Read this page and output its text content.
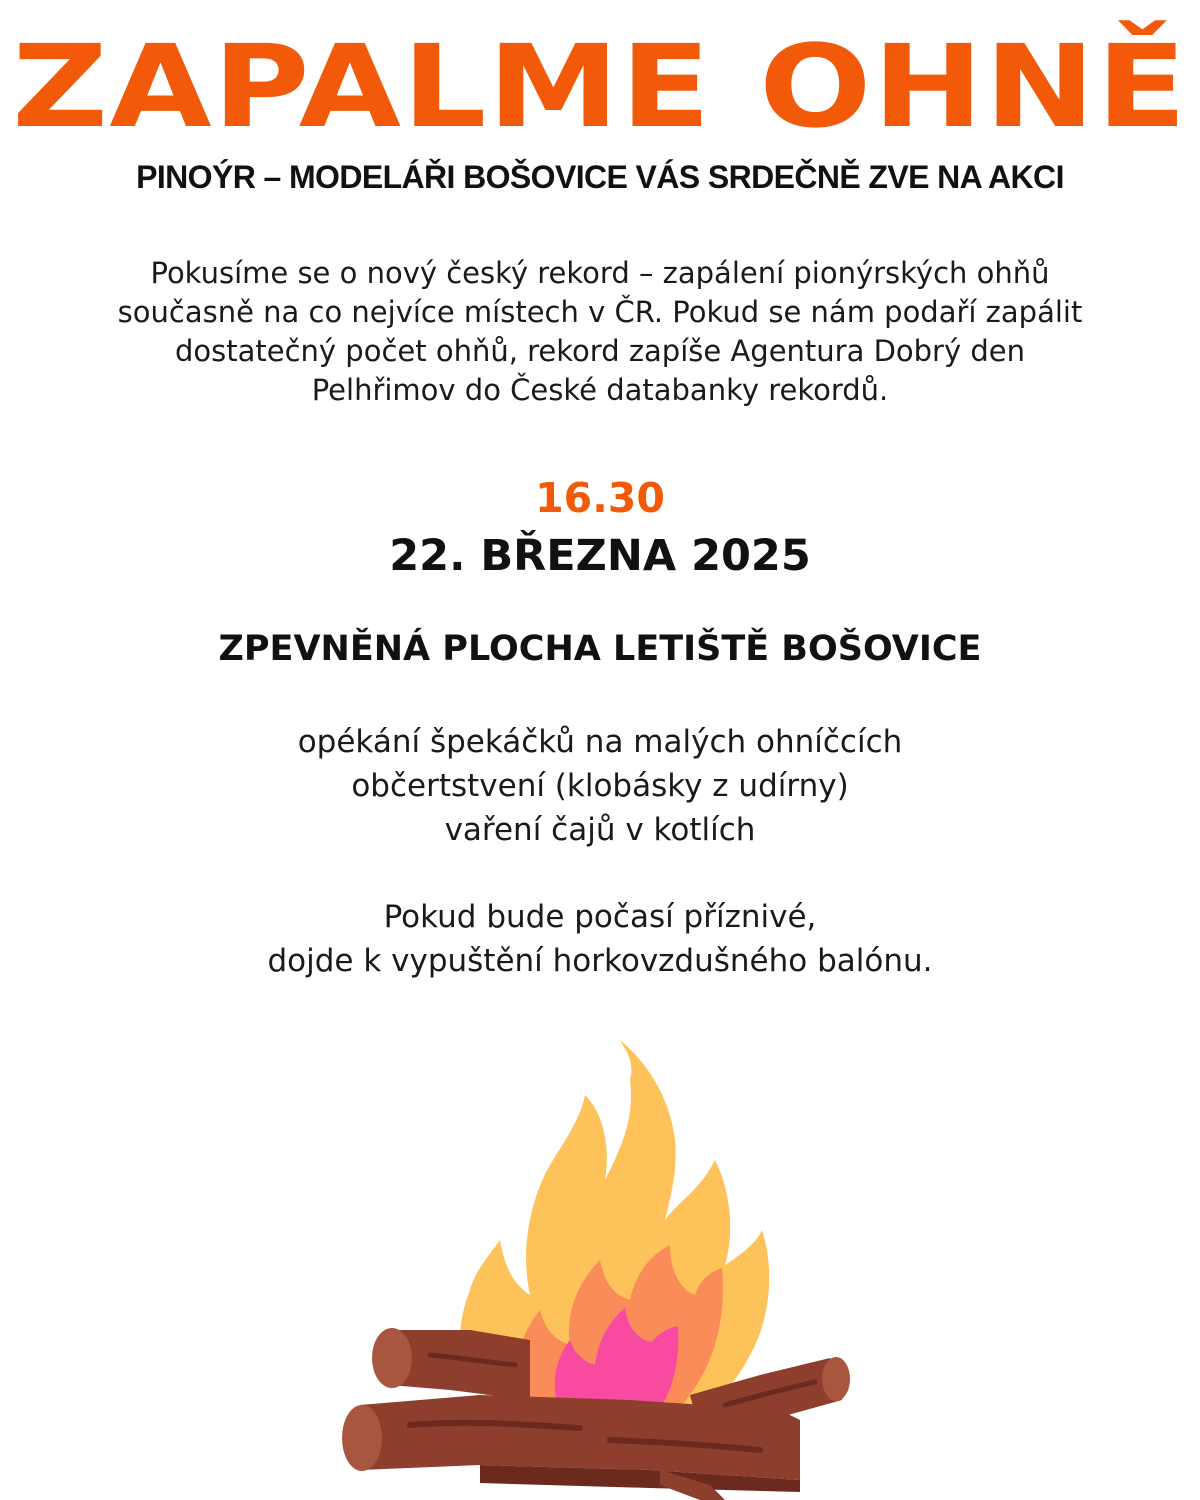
ZAPALME OHNĚ
PINOÝR – MODELÁŘI BOŠOVICE VÁS SRDEČNĚ ZVE NA AKCI
Pokusíme se o nový český rekord – zapálení pionýrských ohňů
současně na co nejvíce místech v ČR. Pokud se nám podaří zapálit
dostatečný počet ohňů, rekord zapíše Agentura Dobrý den
Pelhřimov do České databanky rekordů.
16.30
22. BŘEZNA 2025
ZPEVNĚNÁ PLOCHA LETIŠTĚ BOŠOVICE
opékání špekáčků na malých ohníčcích
občertstvení (klobásky z udírny)
vaření čajů v kotlích
Pokud bude počasí příznivé,
dojde k vypuštění horkovzdušného balónu.
